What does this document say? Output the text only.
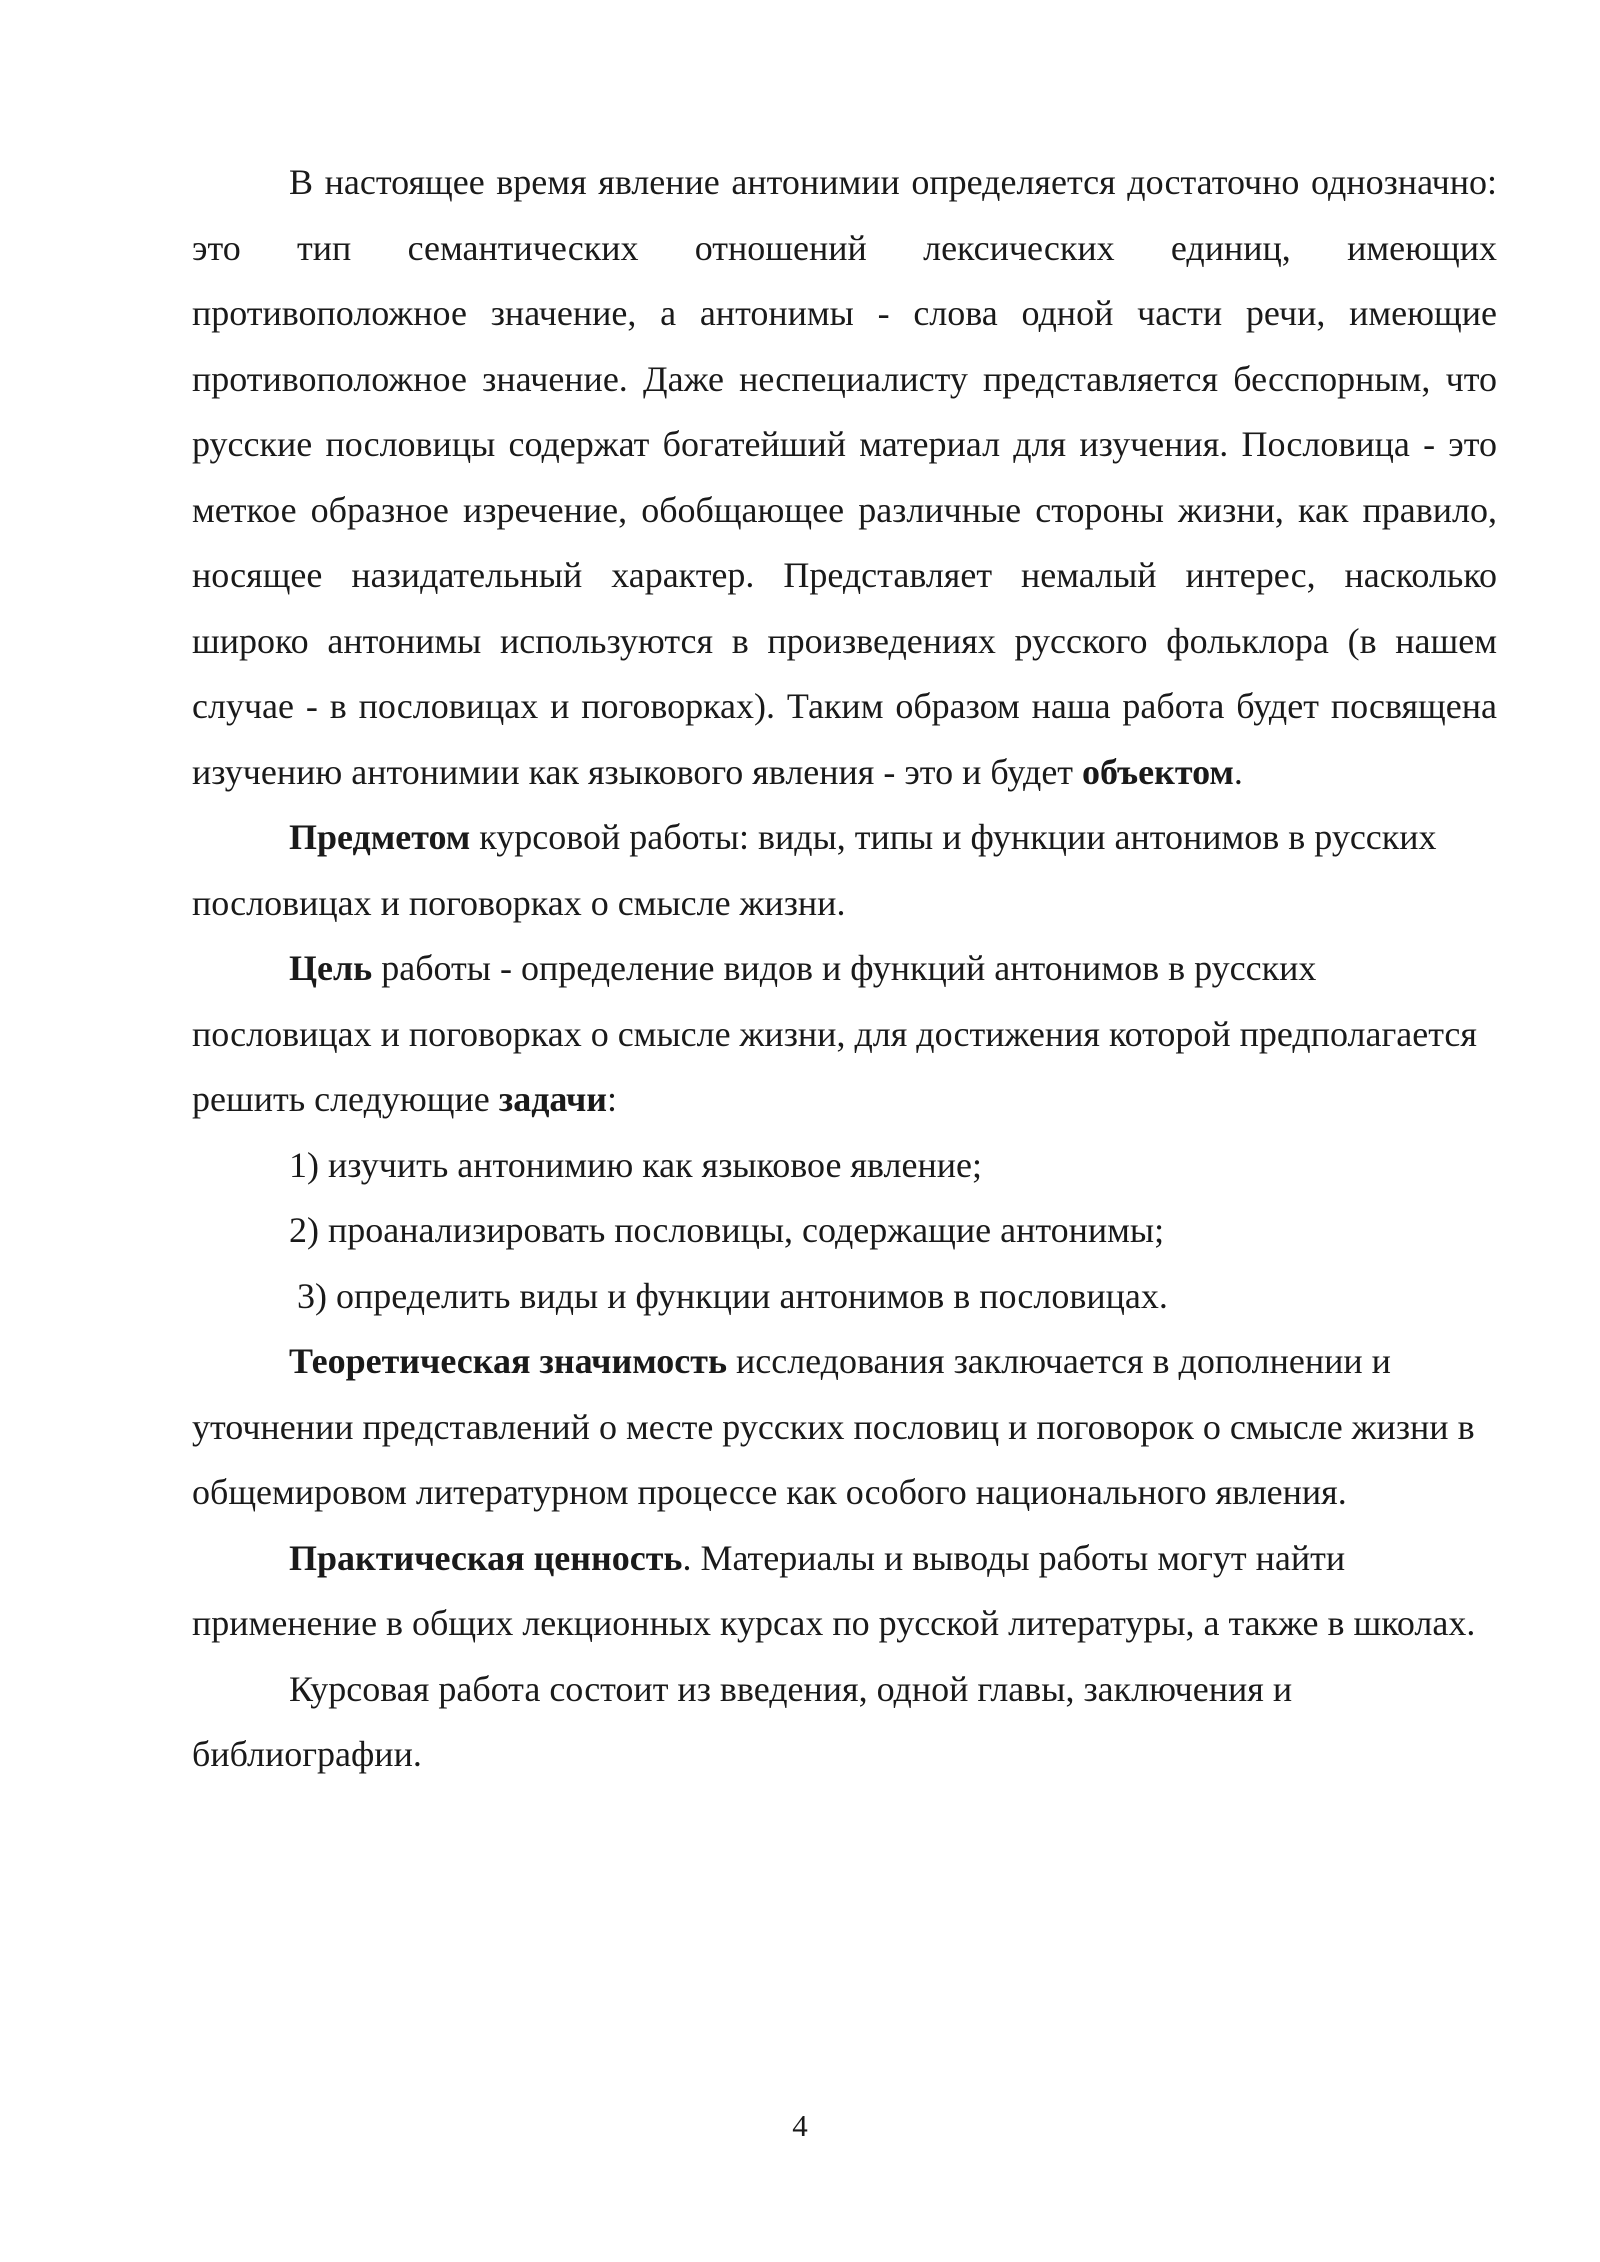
В настоящее время явление антонимии определяется достаточно однозначно: это тип семантических отношений лексических единиц, имеющих противоположное значение, а антонимы - слова одной части речи, имеющие противоположное значение. Даже неспециалисту представляется бесспорным, что русские пословицы содержат богатейший материал для изучения. Пословица - это меткое образное изречение, обобщающее различные стороны жизни, как правило, носящее назидательный характер. Представляет немалый интерес, насколько широко антонимы используются в произведениях русского фольклора (в нашем случае - в пословицах и поговорках). Таким образом наша работа будет посвящена изучению антонимии как языкового явления - это и будет объектом.

Предметом курсовой работы: виды, типы и функции антонимов в русских пословицах и поговорках о смысле жизни.

Цель работы - определение видов и функций антонимов в русских пословицах и поговорках о смысле жизни, для достижения которой предполагается решить следующие задачи:

1) изучить антонимию как языковое явление;

2) проанализировать пословицы, содержащие антонимы;

3) определить виды и функции антонимов в пословицах.

Теоретическая значимость исследования заключается в дополнении и уточнении представлений о месте русских пословиц и поговорок о смысле жизни в общемировом литературном процессе как особого национального явления.

Практическая ценность. Материалы и выводы работы могут найти применение в общих лекционных курсах по русской литературы, а также в школах.

Курсовая работа состоит из введения, одной главы, заключения и библиографии.

4
